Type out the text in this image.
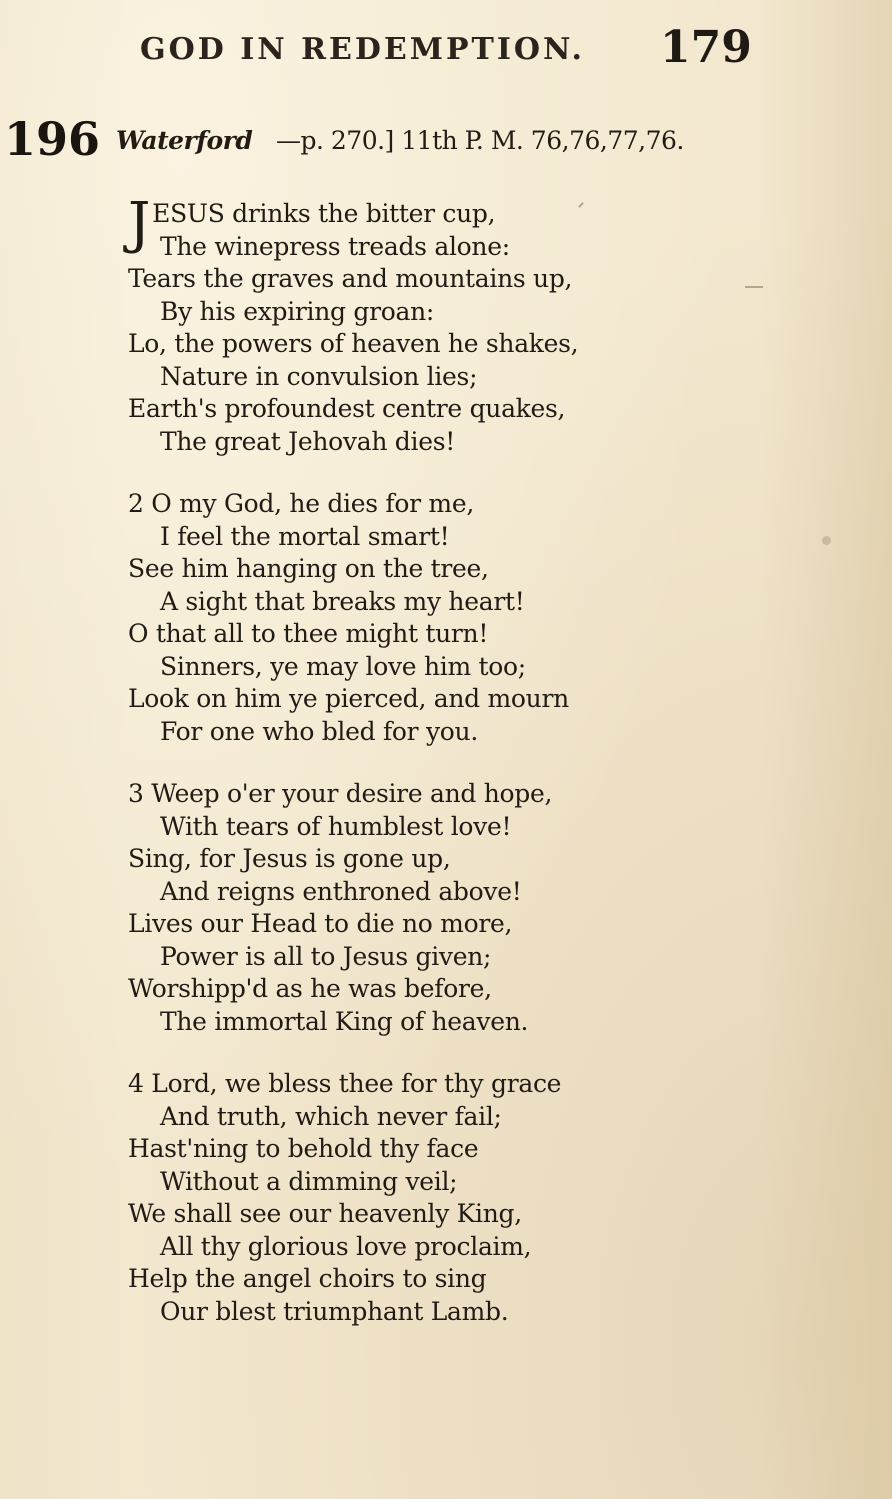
GOD IN REDEMPTION. 179
196 Waterford —p. 270.] 11th P. M. 76,76,77,76.
JESUS drinks the bitter cup,
The winepress treads alone:
Tears the graves and mountains up,
By his expiring groan:
Lo, the powers of heaven he shakes,
Nature in convulsion lies;
Earth's profoundest centre quakes,
The great Jehovah dies!
2 O my God, he dies for me,
I feel the mortal smart!
See him hanging on the tree,
A sight that breaks my heart!
O that all to thee might turn!
Sinners, ye may love him too;
Look on him ye pierced, and mourn
For one who bled for you.
3 Weep o'er your desire and hope,
With tears of humblest love!
Sing, for Jesus is gone up,
And reigns enthroned above!
Lives our Head to die no more,
Power is all to Jesus given;
Worshipp'd as he was before,
The immortal King of heaven.
4 Lord, we bless thee for thy grace
And truth, which never fail;
Hast'ning to behold thy face
Without a dimming veil;
We shall see our heavenly King,
All thy glorious love proclaim,
Help the angel choirs to sing
Our blest triumphant Lamb.
